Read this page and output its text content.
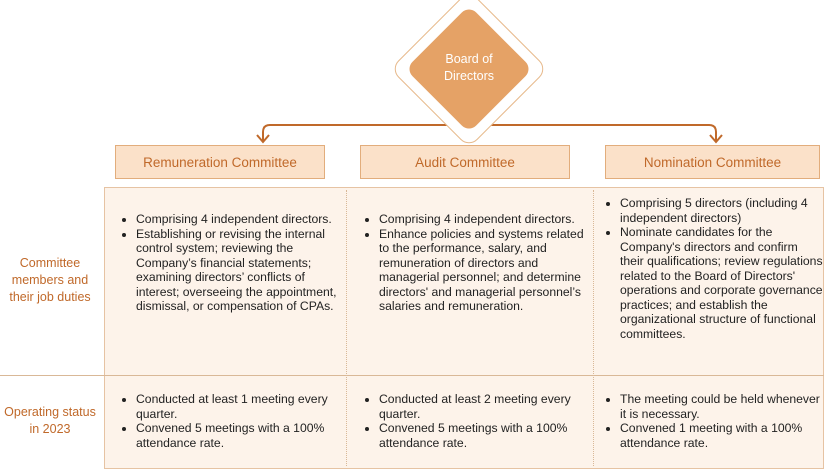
Board of
Directors
Remuneration Committee	Audit Committee	Nomination Committee
Committee members and their job duties
Operating status in 2023
• Comprising 4 independent directors.
• Establishing or revising the internal control system; reviewing the Company’s financial statements; examining directors’ conflicts of interest; overseeing the appointment, dismissal, or compensation of CPAs.
• Comprising 4 independent directors.
• Enhance policies and systems related to the performance, salary, and remuneration of directors and managerial personnel; and determine directors' and managerial personnel’s salaries and remuneration.
• Comprising 5 directors (including 4 independent directors)
• Nominate candidates for the Company's directors and confirm their qualifications; review regulations related to the Board of Directors' operations and corporate governance practices; and establish the organizational structure of functional committees.
• Conducted at least 1 meeting every quarter.
• Convened 5 meetings with a 100% attendance rate.
• Conducted at least 2 meeting every quarter.
• Convened 5 meetings with a 100% attendance rate.
• The meeting could be held whenever it is necessary.
• Convened 1 meeting with a 100% attendance rate.
